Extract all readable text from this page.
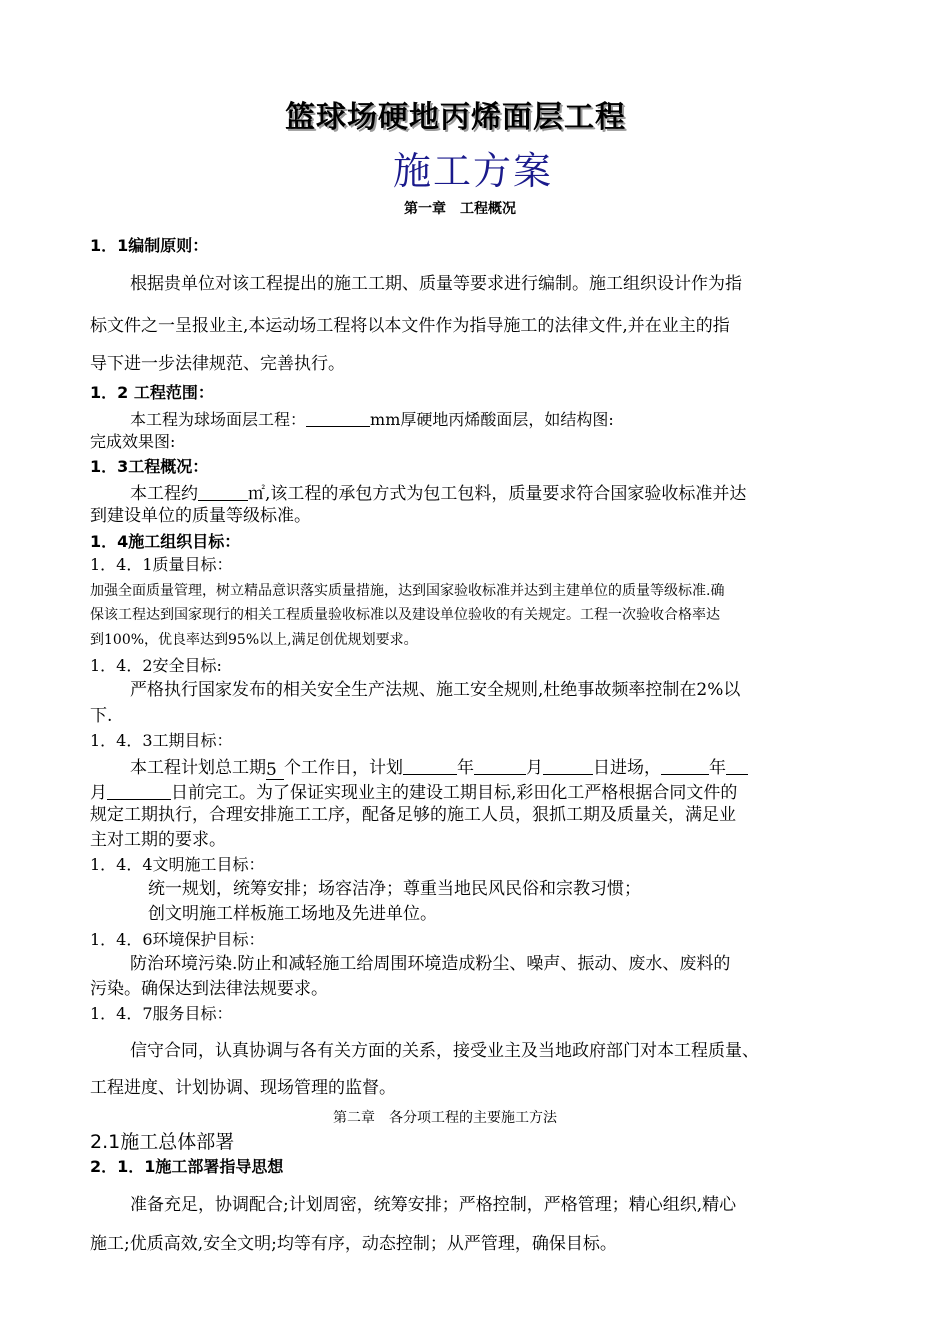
篮球场硬地丙烯面层工程
施工方案
第一章　工程概况
1．1编制原则：
根据贵单位对该工程提出的施工工期、质量等要求进行编制。施工组织设计作为指
标文件之一呈报业主,本运动场工程将以本文件作为指导施工的法律文件,并在业主的指
导下进一步法律规范、完善执行。
1．2 工程范围：
本工程为球场面层工程：	mm厚硬地丙烯酸面层，如结构图:
完成效果图:
1．3工程概况：
本工程约	㎡,该工程的承包方式为包工包料，质量要求符合国家验收标准并达
到建设单位的质量等级标准。
1．4施工组织目标：
1．4．1质量目标：
加强全面质量管理，树立精品意识落实质量措施，达到国家验收标准并达到主建单位的质量等级标准.确
保该工程达到国家现行的相关工程质量验收标准以及建设单位验收的有关规定。工程一次验收合格率达
到100%，优良率达到95%以上,满足创优规划要求。
1．4．2安全目标:
严格执行国家发布的相关安全生产法规、施工安全规则,杜绝事故频率控制在2%以
下.
1．4．3工期目标：
本工程计划总工期5 个工作日，计划	年	月	日进场，	年
月	日前完工。为了保证实现业主的建设工期目标,彩田化工严格根据合同文件的
规定工期执行，合理安排施工工序，配备足够的施工人员，狠抓工期及质量关，满足业
主对工期的要求。
1．4．4文明施工目标：
统一规划，统筹安排；场容洁净；尊重当地民风民俗和宗教习惯；
创文明施工样板施工场地及先进单位。
1．4．6环境保护目标：
防治环境污染.防止和减轻施工给周围环境造成粉尘、噪声、振动、废水、废料的
污染。确保达到法律法规要求。
1．4．7服务目标：
信守合同，认真协调与各有关方面的关系，接受业主及当地政府部门对本工程质量、
工程进度、计划协调、现场管理的监督。
第二章　各分项工程的主要施工方法
2.1施工总体部署
2．1．1施工部署指导思想
准备充足，协调配合;计划周密，统筹安排；严格控制，严格管理；精心组织,精心
施工;优质高效,安全文明;均等有序，动态控制；从严管理，确保目标。
